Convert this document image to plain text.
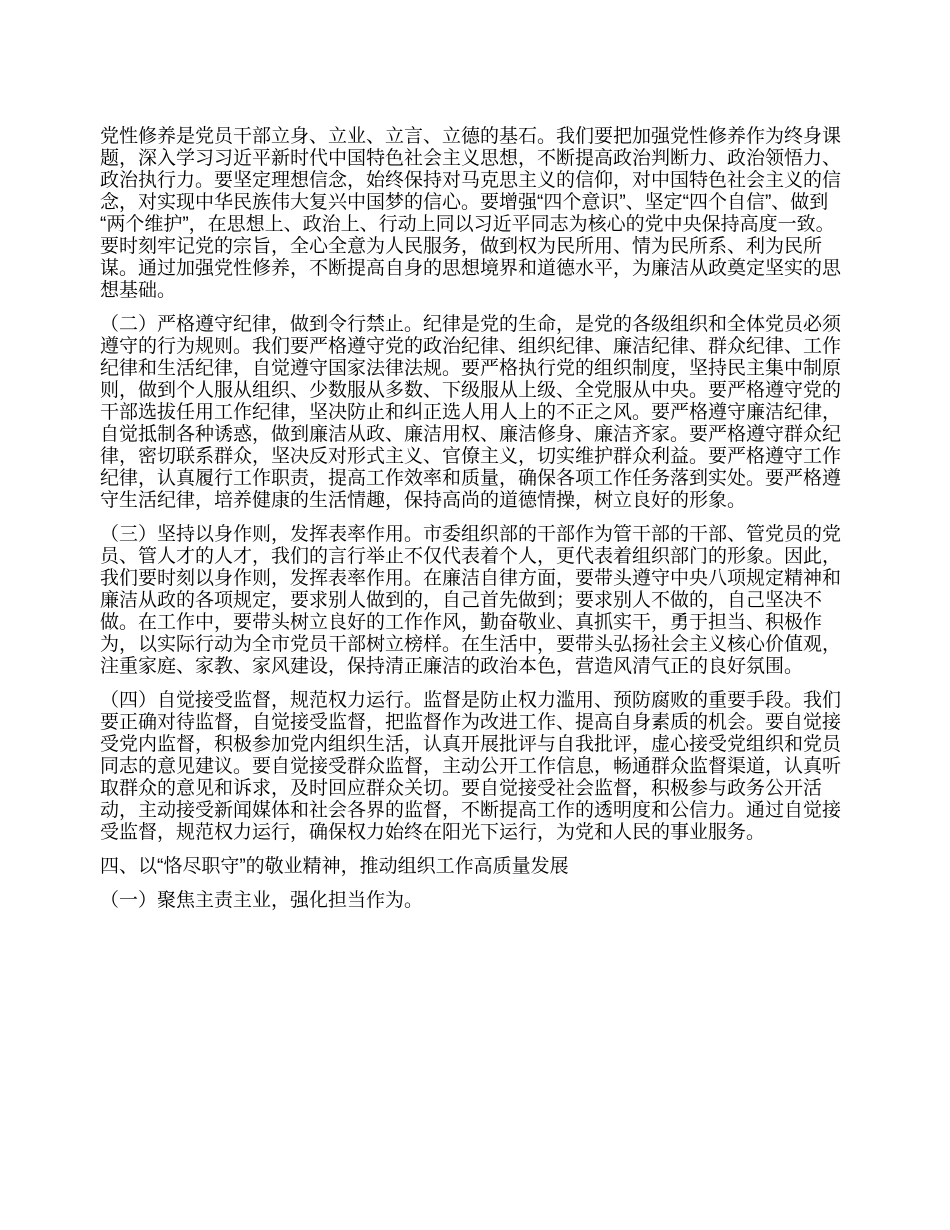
党性修养是党员干部立身、立业、立言、立德的基石。我们要把加强党性修养作为终身课题，深入学习习近平新时代中国特色社会主义思想，不断提高政治判断力、政治领悟力、政治执行力。要坚定理想信念，始终保持对马克思主义的信仰，对中国特色社会主义的信念，对实现中华民族伟大复兴中国梦的信心。要增强“四个意识”、坚定“四个自信”、做到“两个维护”，在思想上、政治上、行动上同以习近平同志为核心的党中央保持高度一致。要时刻牢记党的宗旨，全心全意为人民服务，做到权为民所用、情为民所系、利为民所谋。通过加强党性修养，不断提高自身的思想境界和道德水平，为廉洁从政奠定坚实的思想基础。

（二）严格遵守纪律，做到令行禁止。纪律是党的生命，是党的各级组织和全体党员必须遵守的行为规则。我们要严格遵守党的政治纪律、组织纪律、廉洁纪律、群众纪律、工作纪律和生活纪律，自觉遵守国家法律法规。要严格执行党的组织制度，坚持民主集中制原则，做到个人服从组织、少数服从多数、下级服从上级、全党服从中央。要严格遵守党的干部选拔任用工作纪律，坚决防止和纠正选人用人上的不正之风。要严格遵守廉洁纪律，自觉抵制各种诱惑，做到廉洁从政、廉洁用权、廉洁修身、廉洁齐家。要严格遵守群众纪律，密切联系群众，坚决反对形式主义、官僚主义，切实维护群众利益。要严格遵守工作纪律，认真履行工作职责，提高工作效率和质量，确保各项工作任务落到实处。要严格遵守生活纪律，培养健康的生活情趣，保持高尚的道德情操，树立良好的形象。

（三）坚持以身作则，发挥表率作用。市委组织部的干部作为管干部的干部、管党员的党员、管人才的人才，我们的言行举止不仅代表着个人，更代表着组织部门的形象。因此，我们要时刻以身作则，发挥表率作用。在廉洁自律方面，要带头遵守中央八项规定精神和廉洁从政的各项规定，要求别人做到的，自己首先做到；要求别人不做的，自己坚决不做。在工作中，要带头树立良好的工作作风，勤奋敬业、真抓实干，勇于担当、积极作为，以实际行动为全市党员干部树立榜样。在生活中，要带头弘扬社会主义核心价值观，注重家庭、家教、家风建设，保持清正廉洁的政治本色，营造风清气正的良好氛围。

（四）自觉接受监督，规范权力运行。监督是防止权力滥用、预防腐败的重要手段。我们要正确对待监督，自觉接受监督，把监督作为改进工作、提高自身素质的机会。要自觉接受党内监督，积极参加党内组织生活，认真开展批评与自我批评，虚心接受党组织和党员同志的意见建议。要自觉接受群众监督，主动公开工作信息，畅通群众监督渠道，认真听取群众的意见和诉求，及时回应群众关切。要自觉接受社会监督，积极参与政务公开活动，主动接受新闻媒体和社会各界的监督，不断提高工作的透明度和公信力。通过自觉接受监督，规范权力运行，确保权力始终在阳光下运行，为党和人民的事业服务。

四、以“恪尽职守”的敬业精神，推动组织工作高质量发展

（一）聚焦主责主业，强化担当作为。
